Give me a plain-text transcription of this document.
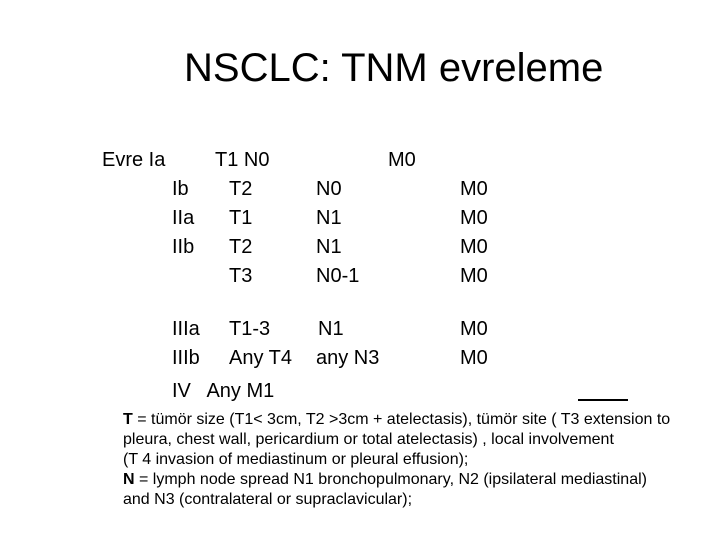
NSCLC: TNM evreleme
Evre Ia T1 N0	M0
Ib T2	N0	M0
IIa T1	N1	M0
IIb T2	N1	M0
T3	N0-1	M0
IIIa T1-3 N1	M0
IIIb Any T4 any N3	M0
IV   Any M1

T = tümör size (T1< 3cm, T2 >3cm + atelectasis), tümör site ( T3 extension to pleura, chest wall, pericardium or total atelectasis) , local involvement

(T 4 invasion of mediastinum or pleural effusion);

N = lymph node spread N1 bronchopulmonary, N2 (ipsilateral mediastinal) and N3 (contralateral or supraclavicular);
